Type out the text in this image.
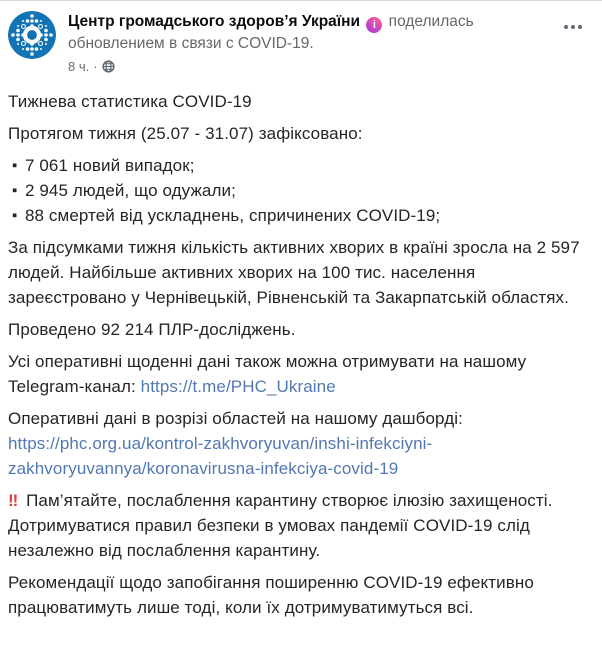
Центр громадського здоров’я України i поделилась обновлением в связи с COVID-19.
8 ч. ·

Тижнева статистика COVID-19

Протягом тижня (25.07 - 31.07) зафіксовано:

▪ 7 061 новий випадок;
▪ 2 945 людей, що одужали;
▪ 88 смертей від ускладнень, спричинених COVID-19;

За підсумками тижня кількість активних хворих в країні зросла на 2 597 людей. Найбільше активних хворих на 100 тис. населення зареєстровано у Чернівецькій, Рівненській та Закарпатській областях.

Проведено 92 214 ПЛР-досліджень.

Усі оперативні щоденні дані також можна отримувати на нашому Telegram-канал: https://t.me/PHC_Ukraine

Оперативні дані в розрізі областей на нашому дашборді: https://phc.org.ua/kontrol-zakhvoryuvan/inshi-infekciyni-zakhvoryuvannya/koronavirusna-infekciya-covid-19

‼ Пам’ятайте, послаблення карантину створює ілюзію захищеності. Дотримуватися правил безпеки в умовах пандемії COVID-19 слід незалежно від послаблення карантину.

Рекомендації щодо запобігання поширенню COVID-19 ефективно працюватимуть лише тоді, коли їх дотримуватимуться всі.
